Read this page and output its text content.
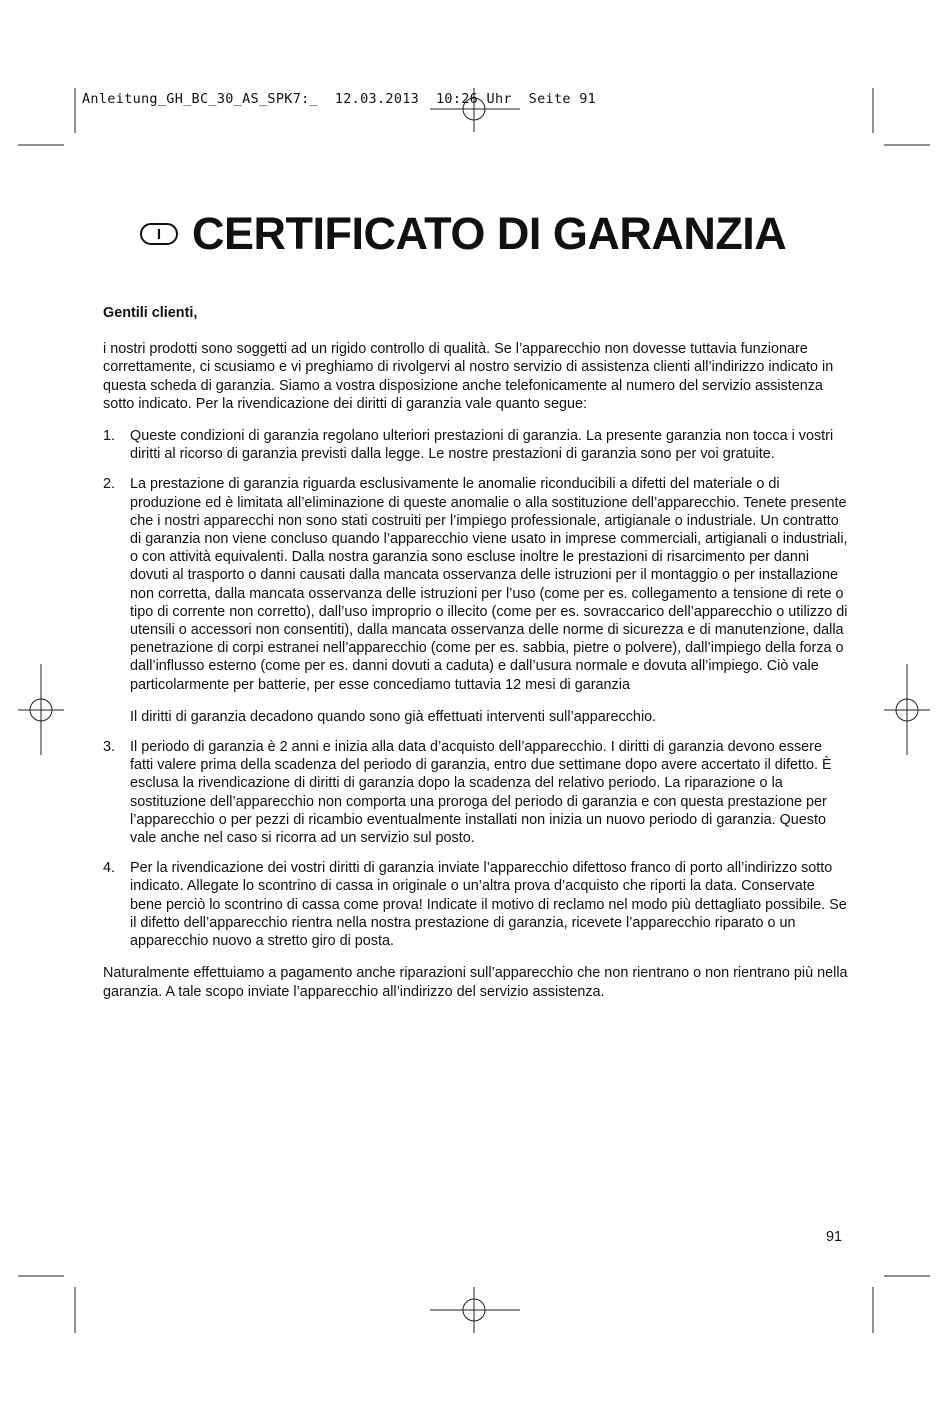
Anleitung_GH_BC_30_AS_SPK7:_  12.03.2013  10:26 Uhr  Seite 91
I CERTIFICATO DI GARANZIA

Gentili clienti,

i nostri prodotti sono soggetti ad un rigido controllo di qualità. Se l’apparecchio non dovesse tuttavia funzionare correttamente, ci scusiamo e vi preghiamo di rivolgervi al nostro servizio di assistenza clienti all’indirizzo indicato in questa scheda di garanzia. Siamo a vostra disposizione anche telefonicamente al numero del servizio assistenza sotto indicato. Per la rivendicazione dei diritti di garanzia vale quanto segue:

1. Queste condizioni di garanzia regolano ulteriori prestazioni di garanzia. La presente garanzia non tocca i vostri diritti al ricorso di garanzia previsti dalla legge. Le nostre prestazioni di garanzia sono per voi gratuite.

2. La prestazione di garanzia riguarda esclusivamente le anomalie riconducibili a difetti del materiale o di produzione ed è limitata all’eliminazione di queste anomalie o alla sostituzione dell’apparecchio. Tenete presente che i nostri apparecchi non sono stati costruiti per l’impiego professionale, artigianale o industriale. Un contratto di garanzia non viene concluso quando l’apparecchio viene usato in imprese commerciali, artigianali o industriali, o con attività equivalenti. Dalla nostra garanzia sono escluse inoltre le prestazioni di risarcimento per danni dovuti al trasporto o danni causati dalla mancata osservanza delle istruzioni per il montaggio o per installazione non corretta, dalla mancata osservanza delle istruzioni per l’uso (come per es. collegamento a tensione di rete o tipo di corrente non corretto), dall’uso improprio o illecito (come per es. sovraccarico dell’apparecchio o utilizzo di utensili o accessori non consentiti), dalla mancata osservanza delle norme di sicurezza e di manutenzione, dalla penetrazione di corpi estranei nell’apparecchio (come per es. sabbia, pietre o polvere), dall’impiego della forza o dall’influsso esterno (come per es. danni dovuti a caduta) e dall’usura normale e dovuta all’impiego. Ciò vale particolarmente per batterie, per esse concediamo tuttavia 12 mesi di garanzia

Il diritti di garanzia decadono quando sono già effettuati interventi sull’apparecchio.

3. Il periodo di garanzia è 2 anni e inizia alla data d’acquisto dell’apparecchio. I diritti di garanzia devono essere fatti valere prima della scadenza del periodo di garanzia, entro due settimane dopo avere accertato il difetto. È esclusa la rivendicazione di diritti di garanzia dopo la scadenza del relativo periodo. La riparazione o la sostituzione dell’apparecchio non comporta una proroga del periodo di garanzia e con questa prestazione per l’apparecchio o per pezzi di ricambio eventualmente installati non inizia un nuovo periodo di garanzia. Questo vale anche nel caso si ricorra ad un servizio sul posto.

4. Per la rivendicazione dei vostri diritti di garanzia inviate l’apparecchio difettoso franco di porto all’indirizzo sotto indicato. Allegate lo scontrino di cassa in originale o un’altra prova d’acquisto che riporti la data. Conservate bene perciò lo scontrino di cassa come prova! Indicate il motivo di reclamo nel modo più dettagliato possibile. Se il difetto dell’apparecchio rientra nella nostra prestazione di garanzia, ricevete l’apparecchio riparato o un apparecchio nuovo a stretto giro di posta.

Naturalmente effettuiamo a pagamento anche riparazioni sull’apparecchio che non rientrano o non rientrano più nella garanzia. A tale scopo inviate l’apparecchio all’indirizzo del servizio assistenza.

91
